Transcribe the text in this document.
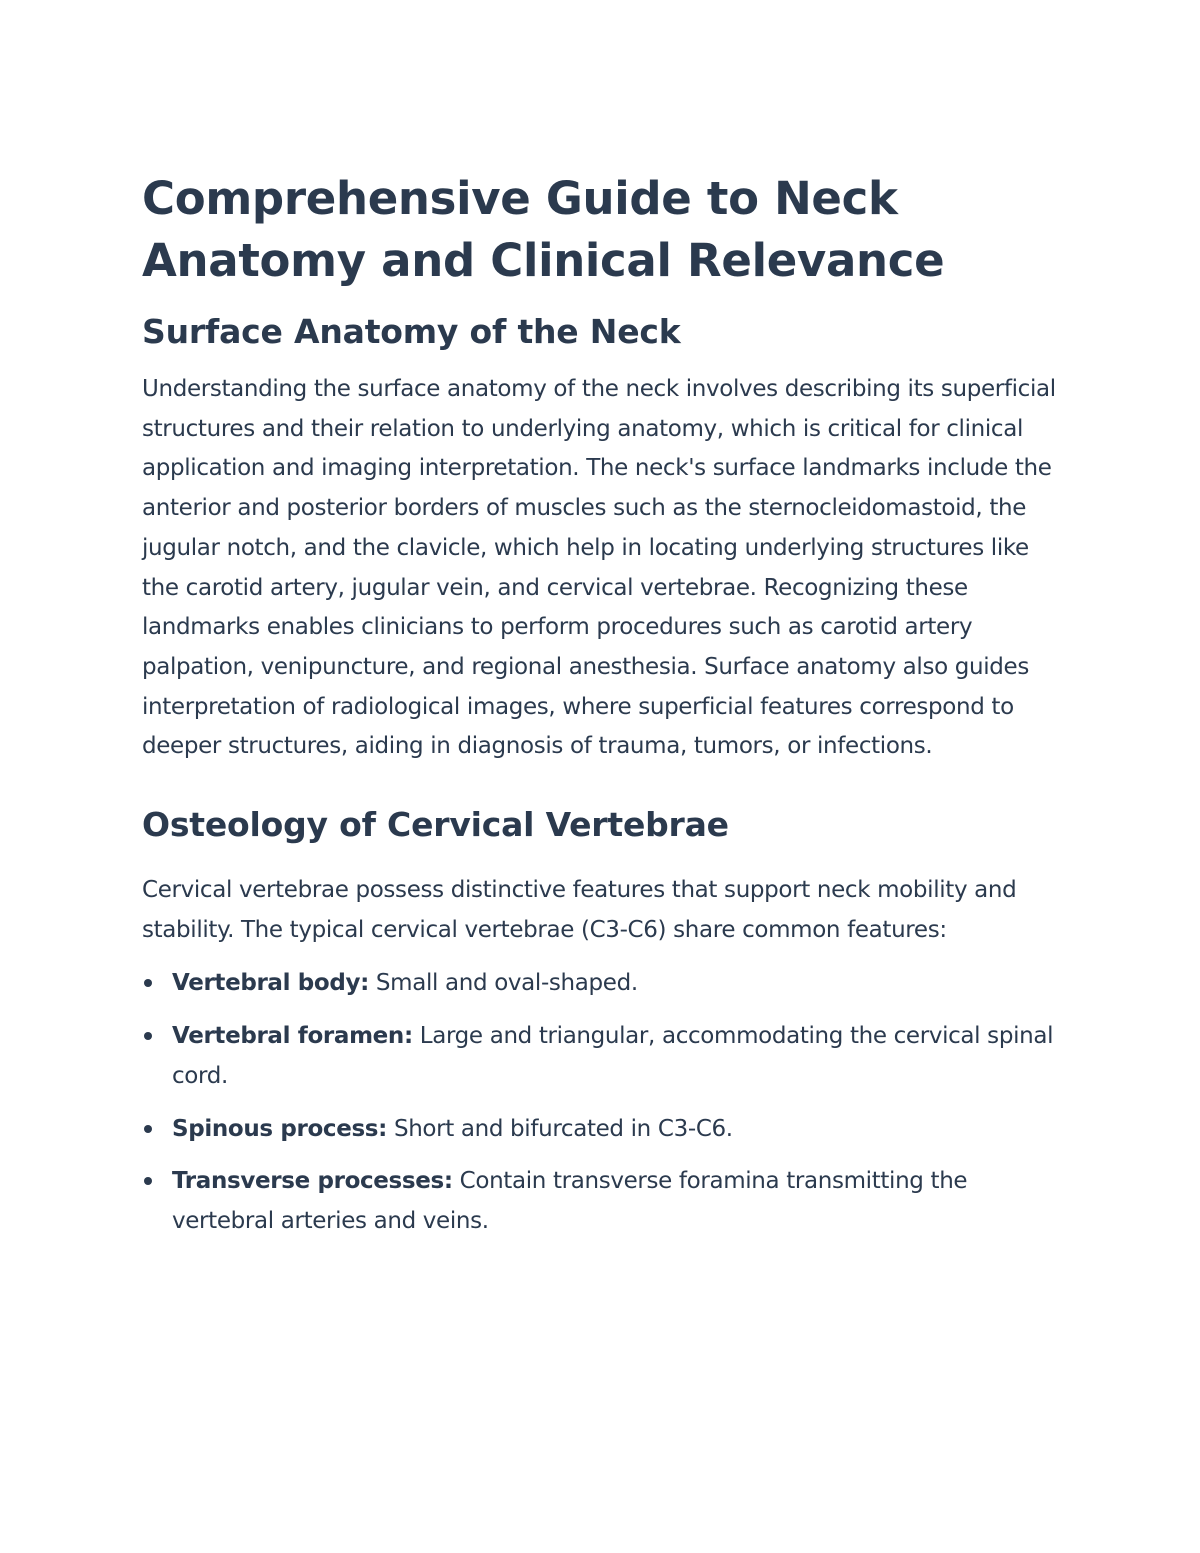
Comprehensive Guide to Neck Anatomy and Clinical Relevance
Surface Anatomy of the Neck

Understanding the surface anatomy of the neck involves describing its superficial structures and their relation to underlying anatomy, which is critical for clinical application and imaging interpretation. The neck's surface landmarks include the anterior and posterior borders of muscles such as the sternocleidomastoid, the jugular notch, and the clavicle, which help in locating underlying structures like the carotid artery, jugular vein, and cervical vertebrae. Recognizing these landmarks enables clinicians to perform procedures such as carotid artery palpation, venipuncture, and regional anesthesia. Surface anatomy also guides interpretation of radiological images, where superficial features correspond to deeper structures, aiding in diagnosis of trauma, tumors, or infections.

Osteology of Cervical Vertebrae

Cervical vertebrae possess distinctive features that support neck mobility and stability. The typical cervical vertebrae (C3-C6) share common features:

Vertebral body: Small and oval-shaped.
Vertebral foramen: Large and triangular, accommodating the cervical spinal cord.
Spinous process: Short and bifurcated in C3-C6.
Transverse processes: Contain transverse foramina transmitting the vertebral arteries and veins.
